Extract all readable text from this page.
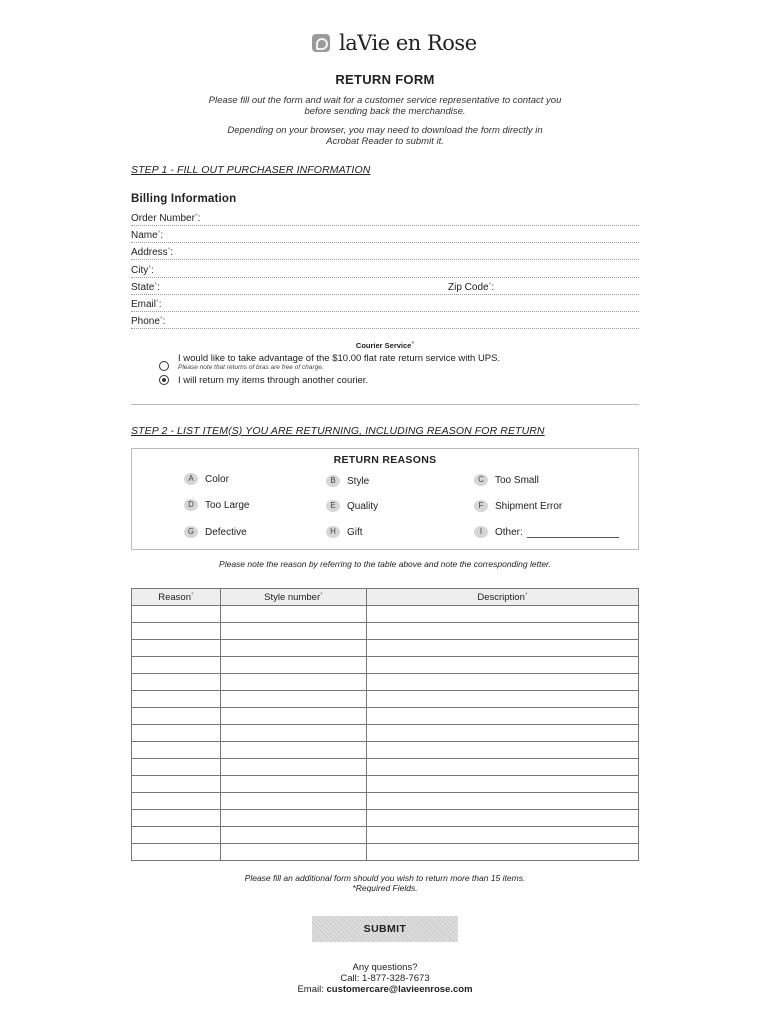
laVie en Rose
RETURN FORM
Please fill out the form and wait for a customer service representative to contact you
before sending back the merchandise.
Depending on your browser, you may need to download the form directly in
Acrobat Reader to submit it.
STEP 1 - FILL OUT PURCHASER INFORMATION
Billing Information
Order Number*:
Name*:
Address*:
City*:
State*:	Zip Code*:
Email*:
Phone*:
Courier Service*
I would like to take advantage of the $10.00 flat rate return service with UPS.
Please note that returns of bras are free of charge.
I will return my items through another courier.
STEP 2 - LIST ITEM(S) YOU ARE RETURNING, INCLUDING REASON FOR RETURN
RETURN REASONS
A	Color	B	Style	C	Too Small
D	Too Large	E	Quality	F	Shipment Error
G	Defective	H	Gift	I	Other:
Please note the reason by referring to the table above and note the corresponding letter.
Reason*	Style number*	Description*

Please fill an additional form should you wish to return more than 15 items.
*Required Fields.
SUBMIT
Any questions?
Call: 1-877-328-7673
Email: customercare@lavieenrose.com
